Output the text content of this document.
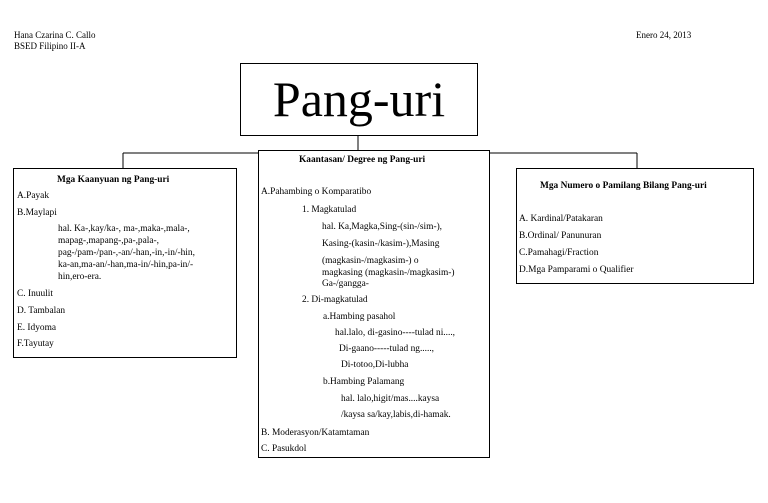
Hana Czarina C. Callo
BSED Filipino II-A
Enero 24, 2013
Pang-uri
Mga Kaanyuan ng Pang-uri
A.Payak
B.Maylapi
hal. Ka-,kay/ka-, ma-,maka-,mala-,
mapag-,mapang-,pa-,pala-,
pag-/pam-/pan-,-an/-han,-in,-in/-hin,
ka-an,ma-an/-han,ma-in/-hin,pa-in/-
hin,ero-era.
C. Inuulit
D. Tambalan
E. Idyoma
F.Tayutay
Kaantasan/ Degree ng Pang-uri
A.Pahambing o Komparatibo
1. Magkatulad
hal. Ka,Magka,Sing-(sin-/sim-),
Kasing-(kasin-/kasim-),Masing
(magkasin-/magkasim-) o
magkasing (magkasin-/magkasim-)
Ga-/gangga-
2. Di-magkatulad
a.Hambing pasahol
hal.lalo, di-gasino----tulad ni....,
Di-gaano-----tulad ng.....,
Di-totoo,Di-lubha
b.Hambing Palamang
hal. lalo,higit/mas....kaysa
/kaysa sa/kay,labis,di-hamak.
B. Moderasyon/Katamtaman
C. Pasukdol
Mga Numero o Pamilang Bilang Pang-uri
A. Kardinal/Patakaran
B.Ordinal/ Panunuran
C.Pamahagi/Fraction
D.Mga Pamparami o Qualifier
